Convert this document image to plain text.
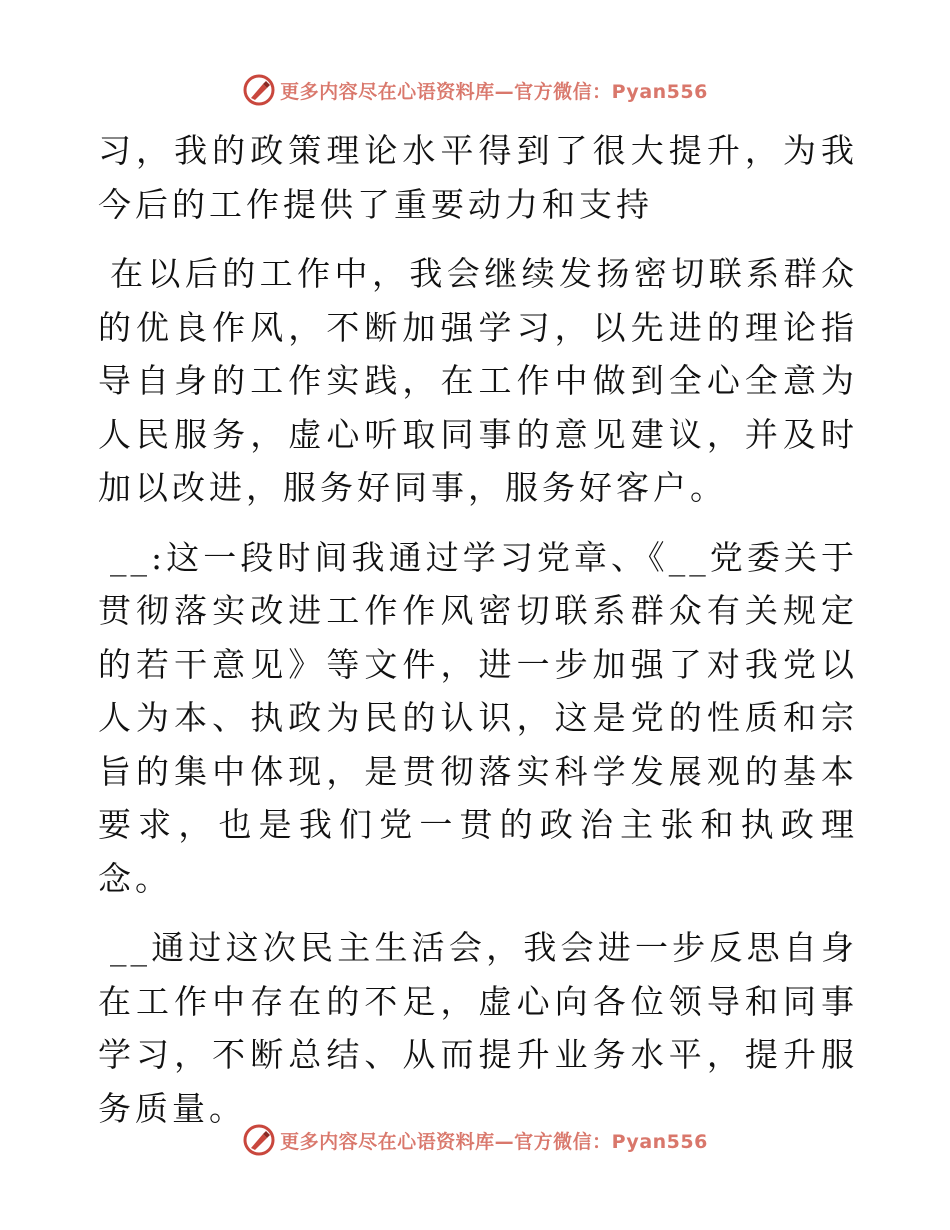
更多内容尽在心语资料库—官方微信：Pyan556

习，我的政策理论水平得到了很大提升，为我今后的工作提供了重要动力和支持

在以后的工作中，我会继续发扬密切联系群众的优良作风，不断加强学习，以先进的理论指导自身的工作实践，在工作中做到全心全意为人民服务，虚心听取同事的意见建议，并及时加以改进，服务好同事，服务好客户。

__:这一段时间我通过学习党章、《__党委关于贯彻落实改进工作作风密切联系群众有关规定的若干意见》等文件，进一步加强了对我党以人为本、执政为民的认识，这是党的性质和宗旨的集中体现，是贯彻落实科学发展观的基本要求，也是我们党一贯的政治主张和执政理念。

__通过这次民主生活会，我会进一步反思自身在工作中存在的不足，虚心向各位领导和同事学习，不断总结、从而提升业务水平，提升服务质量。

更多内容尽在心语资料库—官方微信：Pyan556
